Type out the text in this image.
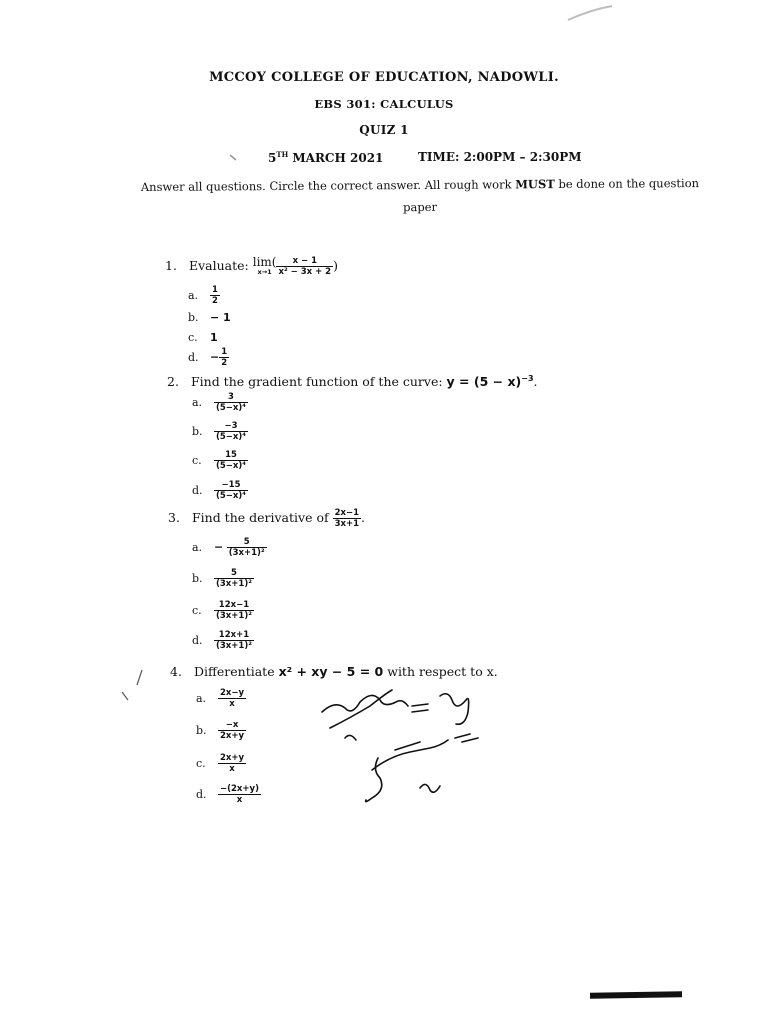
MCCOY COLLEGE OF EDUCATION, NADOWLI.
EBS 301: CALCULUS
QUIZ 1
5TH MARCH 2021	TIME: 2:00PM – 2:30PM
Answer all questions. Circle the correct answer. All rough work MUST be done on the question paper
1. Evaluate: lim(
$x\to 1 \frac{x - 1}{\text{x² − 3x + 2}}$ )
a. $\frac{1}{2}$
b. − 1
c. 1
d. − $\frac{1}{2}$
2. Find the gradient function of the curve: $y = (5 - x)^{-3}$.
a. $\frac{3}{\text{(5−x)⁴}}$
b. $\frac{-3}{\text{(5−x)⁴}}$
c. $\frac{15}{\text{(5−x)⁴}}$
d. $\frac{-15}{\text{(5−x)⁴}}$
3. Find the derivative of $\frac{2x-1}{3x+1}$ .
a. − $\frac{5}{\text{(3x+1)²}}$
b. $\frac{5}{\text{(3x+1)²}}$
c. $\frac{12x-1}{\text{(3x+1)²}}$
d. $\frac{12x+1}{\text{(3x+1)²}}$
4. Differentiate x² + xy − 5 = 0 with respect to x.
a. $\frac{2x-y}{x}$
b. $\frac{-x}{2x+y}$
c. $\frac{2x+y}{x}$
d. $\frac{-(2x+y)}{x}$
